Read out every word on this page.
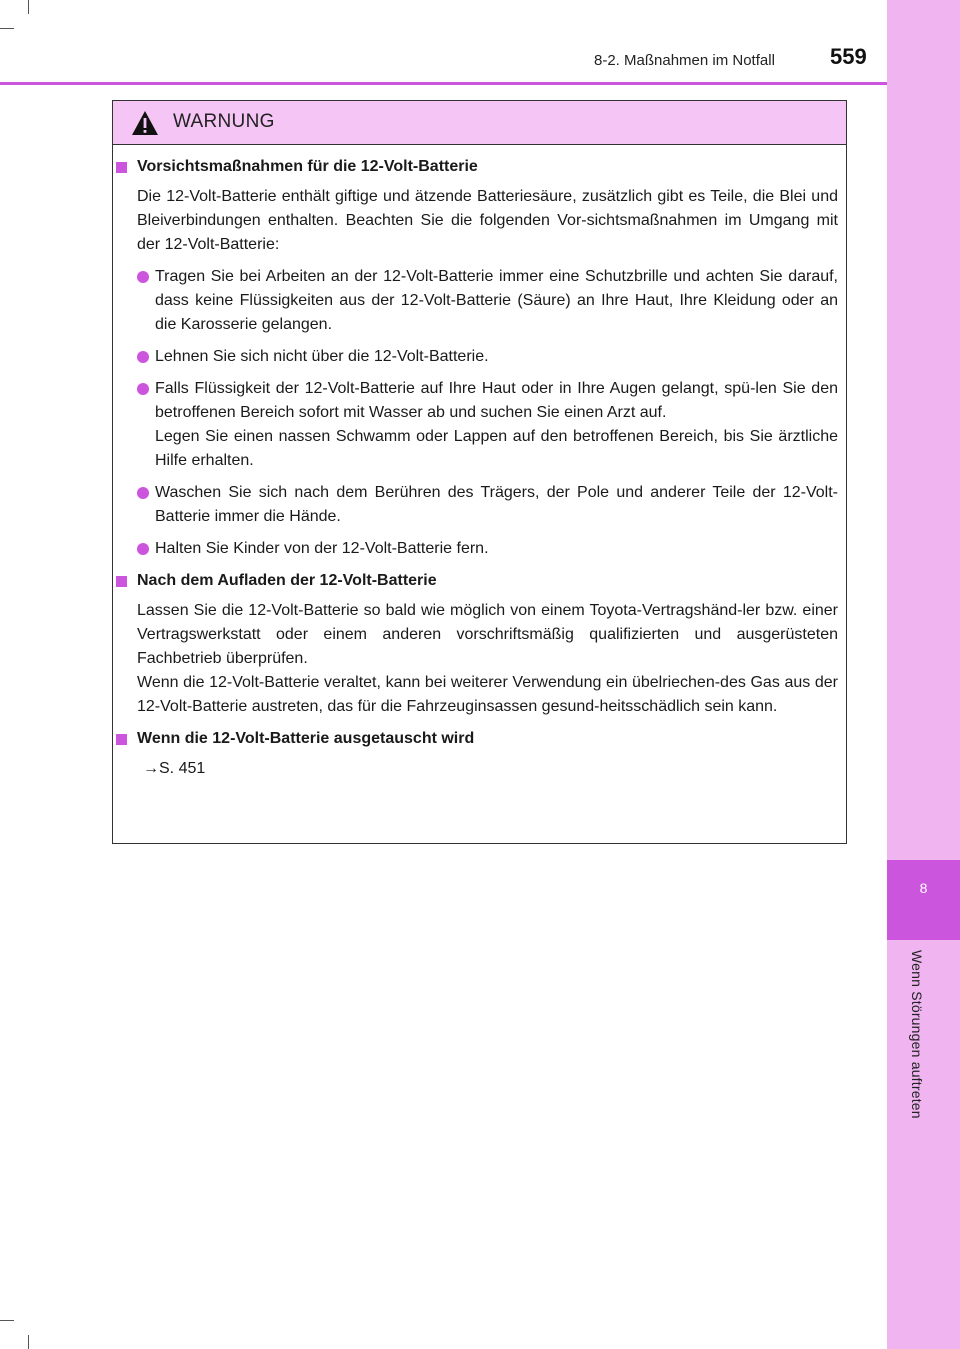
8
Wenn Störungen auftreten
8-2. Maßnahmen im Notfall	559
WARNUNG
Vorsichtsmaßnahmen für die 12-Volt-Batterie
Die 12-Volt-Batterie enthält giftige und ätzende Batteriesäure, zusätzlich gibt es Teile, die Blei und Bleiverbindungen enthalten. Beachten Sie die folgenden Vor-sichtsmaßnahmen im Umgang mit der 12-Volt-Batterie:
Tragen Sie bei Arbeiten an der 12-Volt-Batterie immer eine Schutzbrille und achten Sie darauf, dass keine Flüssigkeiten aus der 12-Volt-Batterie (Säure) an Ihre Haut, Ihre Kleidung oder an die Karosserie gelangen.
Lehnen Sie sich nicht über die 12-Volt-Batterie.
Falls Flüssigkeit der 12-Volt-Batterie auf Ihre Haut oder in Ihre Augen gelangt, spü-len Sie den betroffenen Bereich sofort mit Wasser ab und suchen Sie einen Arzt auf.
Legen Sie einen nassen Schwamm oder Lappen auf den betroffenen Bereich, bis Sie ärztliche Hilfe erhalten.
Waschen Sie sich nach dem Berühren des Trägers, der Pole und anderer Teile der 12-Volt-Batterie immer die Hände.
Halten Sie Kinder von der 12-Volt-Batterie fern.
Nach dem Aufladen der 12-Volt-Batterie
Lassen Sie die 12-Volt-Batterie so bald wie möglich von einem Toyota-Vertragshänd-ler bzw. einer Vertragswerkstatt oder einem anderen vorschriftsmäßig qualifizierten und ausgerüsteten Fachbetrieb überprüfen.
Wenn die 12-Volt-Batterie veraltet, kann bei weiterer Verwendung ein übelriechen-des Gas aus der 12-Volt-Batterie austreten, das für die Fahrzeuginsassen gesund-heitsschädlich sein kann.
Wenn die 12-Volt-Batterie ausgetauscht wird
→S. 451
